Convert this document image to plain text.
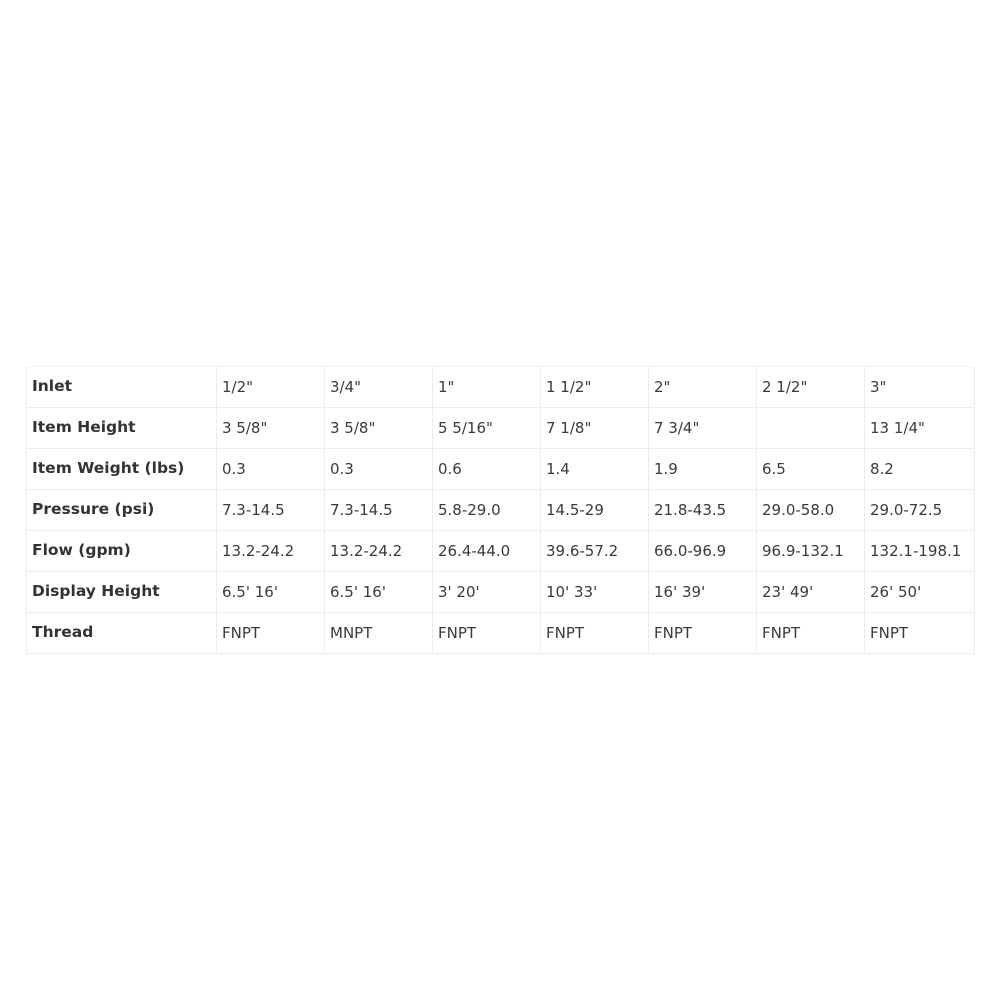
Inlet	1/2"	3/4"	1"	1 1/2"	2"	2 1/2"	3"
Item Height	3 5/8"	3 5/8"	5 5/16"	7 1/8"	7 3/4"		13 1/4"
Item Weight (lbs)	0.3	0.3	0.6	1.4	1.9	6.5	8.2
Pressure (psi)	7.3-14.5	7.3-14.5	5.8-29.0	14.5-29	21.8-43.5	29.0-58.0	29.0-72.5
Flow (gpm)	13.2-24.2	13.2-24.2	26.4-44.0	39.6-57.2	66.0-96.9	96.9-132.1	132.1-198.1
Display Height	6.5' 16'	6.5' 16'	3' 20'	10' 33'	16' 39'	23' 49'	26' 50'
Thread	FNPT	MNPT	FNPT	FNPT	FNPT	FNPT	FNPT
